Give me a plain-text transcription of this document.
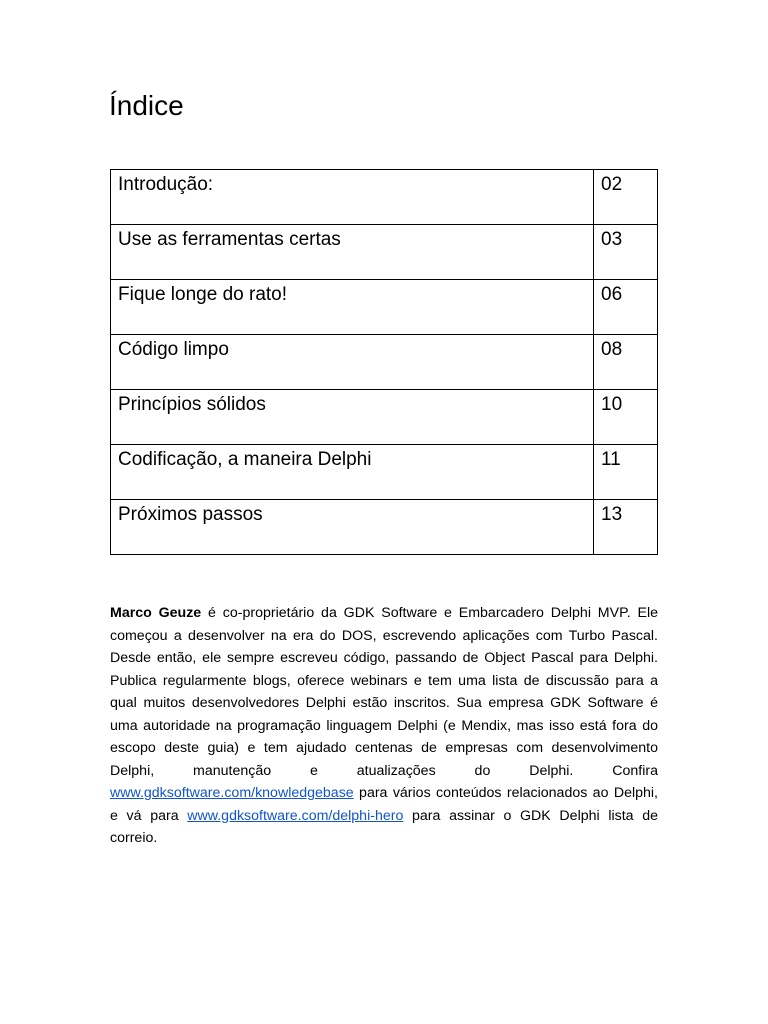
Índice
Introdução:	02
Use as ferramentas certas	03
Fique longe do rato!	06
Código limpo	08
Princípios sólidos	10
Codificação, a maneira Delphi	11
Próximos passos	13

Marco Geuze é co-proprietário da GDK Software e Embarcadero Delphi MVP. Ele começou a desenvolver na era do DOS, escrevendo aplicações com Turbo Pascal. Desde então, ele sempre escreveu código, passando de Object Pascal para Delphi. Publica regularmente blogs, oferece webinars e tem uma lista de discussão para a qual muitos desenvolvedores Delphi estão inscritos. Sua empresa GDK Software é uma autoridade na programação linguagem Delphi (e Mendix, mas isso está fora do escopo deste guia) e tem ajudado centenas de empresas com desenvolvimento Delphi, manutenção e atualizações do Delphi. Confira www.gdksoftware.com/knowledgebase para vários conteúdos relacionados ao Delphi, e vá para www.gdksoftware.com/delphi-hero para assinar o GDK Delphi lista de correio.
